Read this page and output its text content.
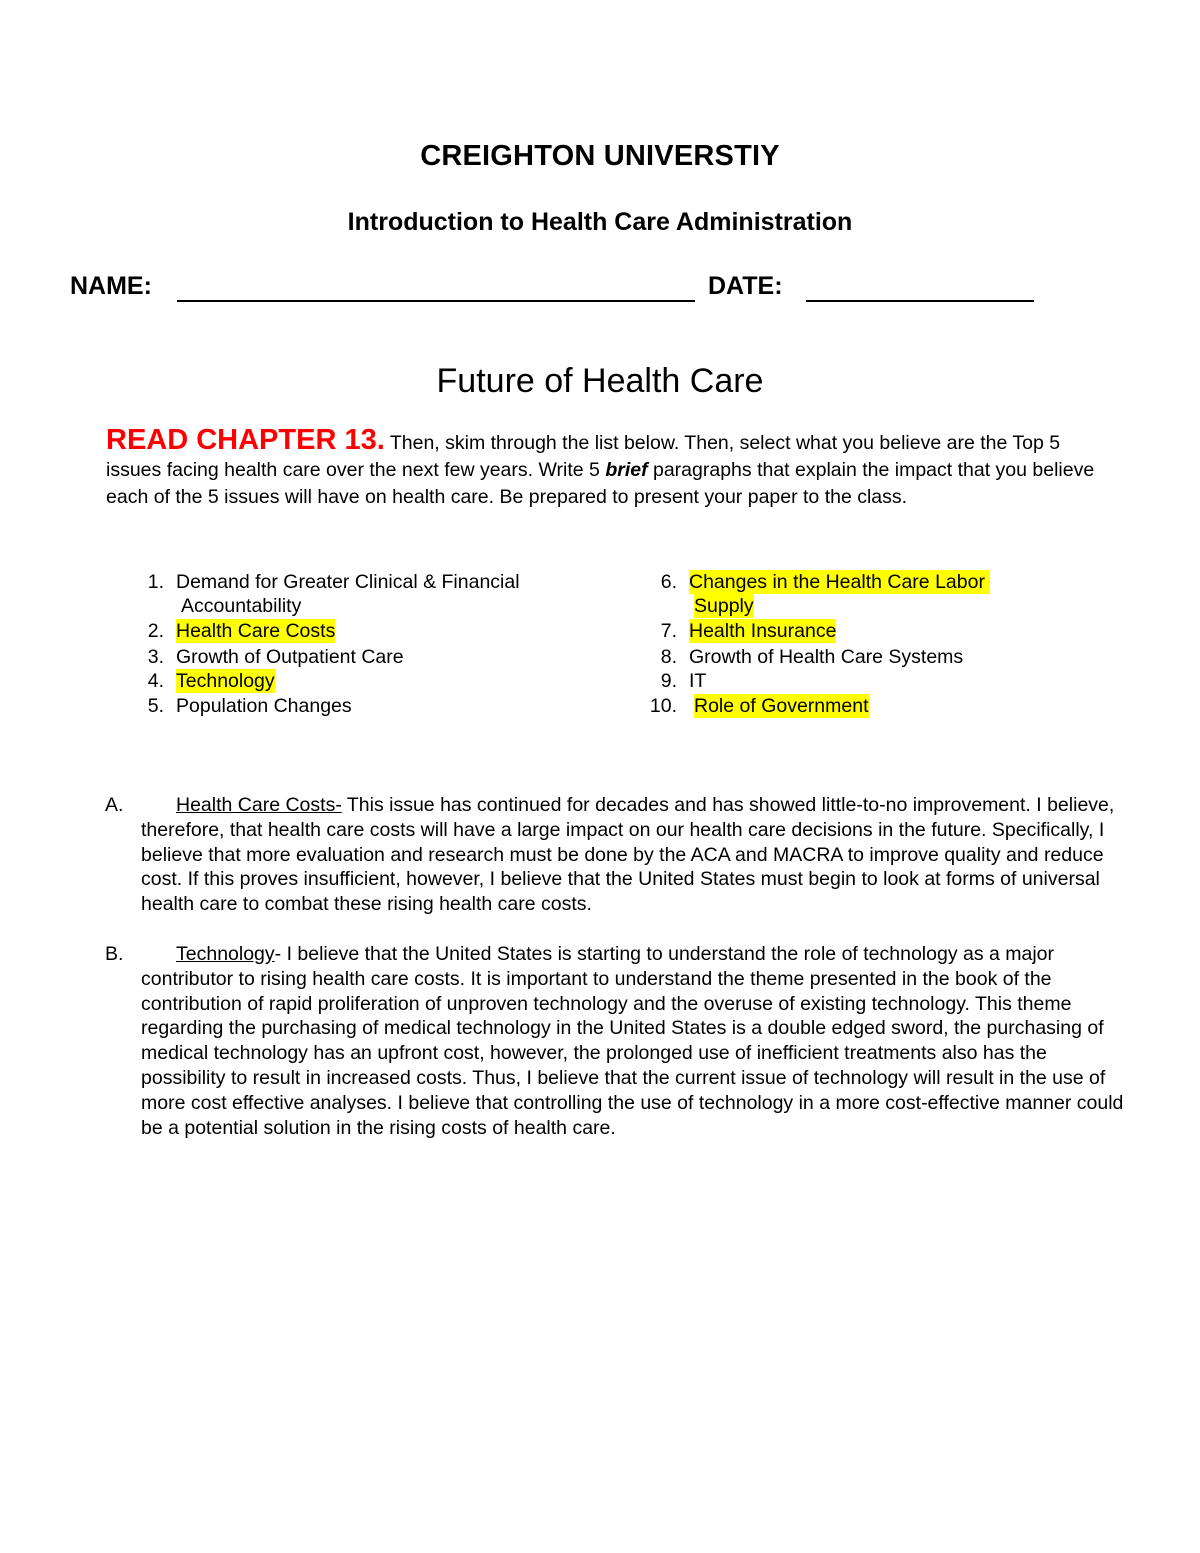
CREIGHTON UNIVERSTIY
Introduction to Health Care Administration
NAME:	DATE:
Future of Health Care
READ CHAPTER 13. Then, skim through the list below. Then, select what you believe are the Top 5 issues facing health care over the next few years. Write 5 brief paragraphs that explain the impact that you believe each of the 5 issues will have on health care. Be prepared to present your paper to the class.
1. Demand for Greater Clinical & Financial
Accountability
2. Health Care Costs
3. Growth of Outpatient Care
4. Technology
5. Population Changes
6. Changes in the Health Care Labor
Supply
7. Health Insurance
8. Growth of Health Care Systems
9. IT
10. Role of Government
A.	Health Care Costs- This issue has continued for decades and has showed little-to-no improvement. I believe, therefore, that health care costs will have a large impact on our health care decisions in the future. Specifically, I believe that more evaluation and research must be done by the ACA and MACRA to improve quality and reduce cost. If this proves insufficient, however, I believe that the United States must begin to look at forms of universal health care to combat these rising health care costs.
B.	Technology- I believe that the United States is starting to understand the role of technology as a major contributor to rising health care costs. It is important to understand the theme presented in the book of the contribution of rapid proliferation of unproven technology and the overuse of existing technology. This theme regarding the purchasing of medical technology in the United States is a double edged sword, the purchasing of medical technology has an upfront cost, however, the prolonged use of inefficient treatments also has the possibility to result in increased costs. Thus, I believe that the current issue of technology will result in the use of more cost effective analyses. I believe that controlling the use of technology in a more cost-effective manner could be a potential solution in the rising costs of health care.
